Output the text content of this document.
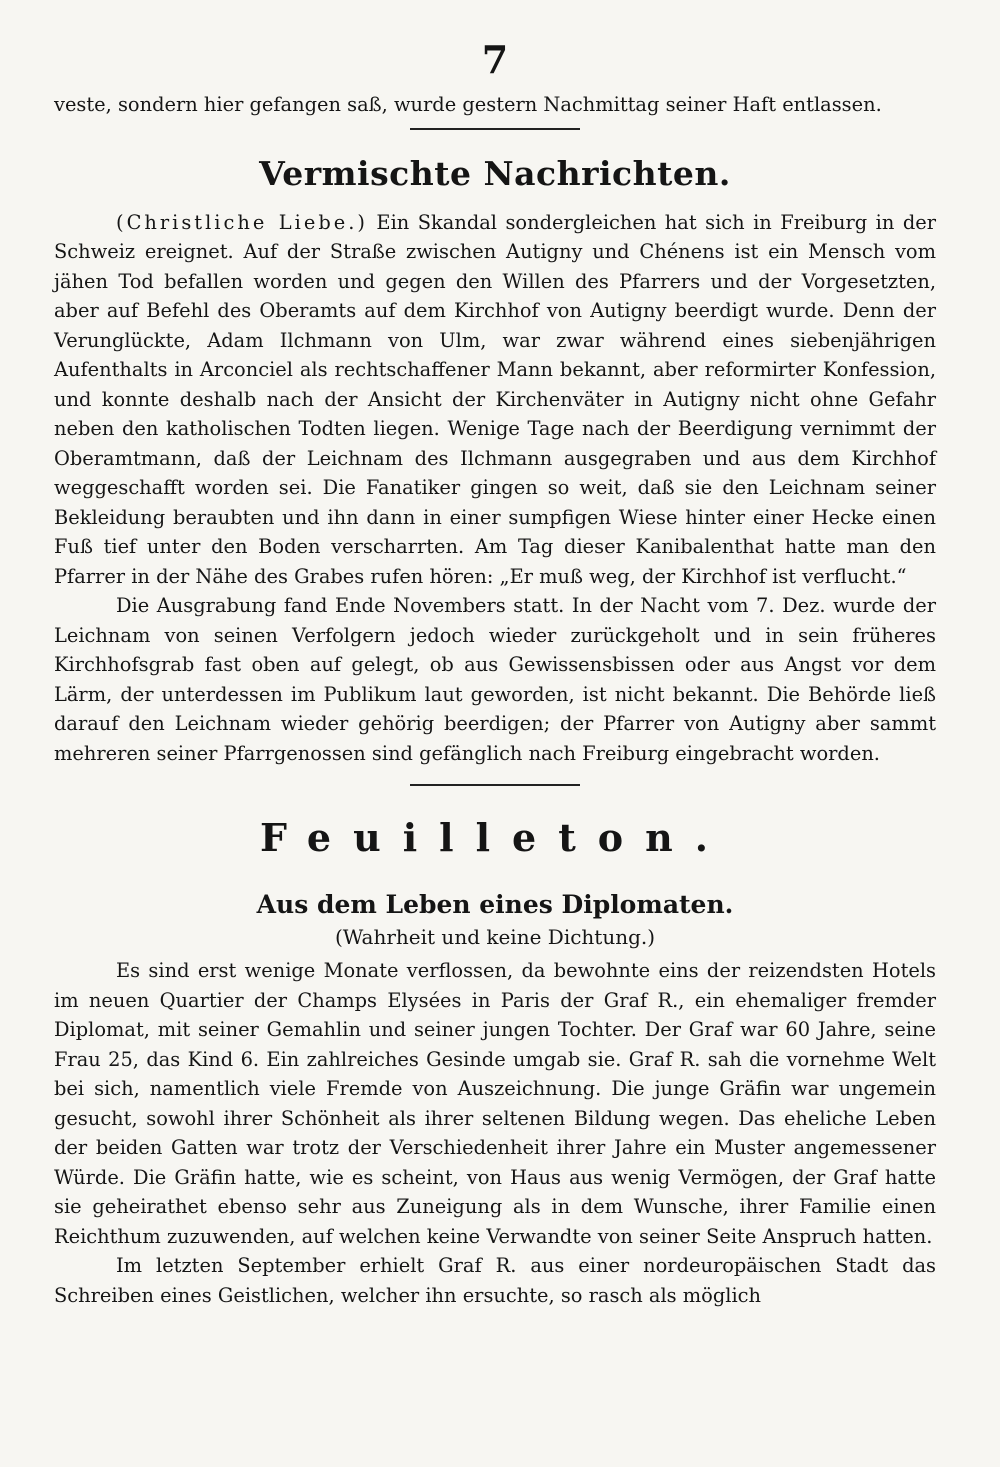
7

veste, sondern hier gefangen saß, wurde gestern Nachmittag seiner Haft entlassen.

Vermischte Nachrichten.

(Christliche Liebe.) Ein Skandal sondergleichen hat sich in Freiburg in der Schweiz ereignet. Auf der Straße zwischen Autigny und Chénens ist ein Mensch vom jähen Tod befallen worden und gegen den Willen des Pfarrers und der Vorgesetzten, aber auf Befehl des Oberamts auf dem Kirchhof von Autigny beerdigt wurde. Denn der Verunglückte, Adam Ilchmann von Ulm, war zwar während eines siebenjährigen Aufenthalts in Arconciel als rechtschaffener Mann bekannt, aber reformirter Konfession, und konnte deshalb nach der Ansicht der Kirchenväter in Autigny nicht ohne Gefahr neben den katholischen Todten liegen. Wenige Tage nach der Beerdigung vernimmt der Oberamtmann, daß der Leichnam des Ilchmann ausgegraben und aus dem Kirchhof weggeschafft worden sei. Die Fanatiker gingen so weit, daß sie den Leichnam seiner Bekleidung beraubten und ihn dann in einer sumpfigen Wiese hinter einer Hecke einen Fuß tief unter den Boden verscharrten. Am Tag dieser Kanibalenthat hatte man den Pfarrer in der Nähe des Grabes rufen hören: „Er muß weg, der Kirchhof ist verflucht.“

Die Ausgrabung fand Ende Novembers statt. In der Nacht vom 7. Dez. wurde der Leichnam von seinen Verfolgern jedoch wieder zurückgeholt und in sein früheres Kirchhofsgrab fast oben auf gelegt, ob aus Gewissensbissen oder aus Angst vor dem Lärm, der unterdessen im Publikum laut geworden, ist nicht bekannt. Die Behörde ließ darauf den Leichnam wieder gehörig beerdigen; der Pfarrer von Autigny aber sammt mehreren seiner Pfarrgenossen sind gefänglich nach Freiburg eingebracht worden.

Feuilleton.
Aus dem Leben eines Diplomaten.
(Wahrheit und keine Dichtung.)

Es sind erst wenige Monate verflossen, da bewohnte eins der reizendsten Hotels im neuen Quartier der Champs Elysées in Paris der Graf R., ein ehemaliger fremder Diplomat, mit seiner Gemahlin und seiner jungen Tochter. Der Graf war 60 Jahre, seine Frau 25, das Kind 6. Ein zahlreiches Gesinde umgab sie. Graf R. sah die vornehme Welt bei sich, namentlich viele Fremde von Auszeichnung. Die junge Gräfin war ungemein gesucht, sowohl ihrer Schönheit als ihrer seltenen Bildung wegen. Das eheliche Leben der beiden Gatten war trotz der Verschiedenheit ihrer Jahre ein Muster angemessener Würde. Die Gräfin hatte, wie es scheint, von Haus aus wenig Vermögen, der Graf hatte sie geheirathet ebenso sehr aus Zuneigung als in dem Wunsche, ihrer Familie einen Reichthum zuzuwenden, auf welchen keine Verwandte von seiner Seite Anspruch hatten.

Im letzten September erhielt Graf R. aus einer nordeuropäischen Stadt das Schreiben eines Geistlichen, welcher ihn ersuchte, so rasch als möglich
